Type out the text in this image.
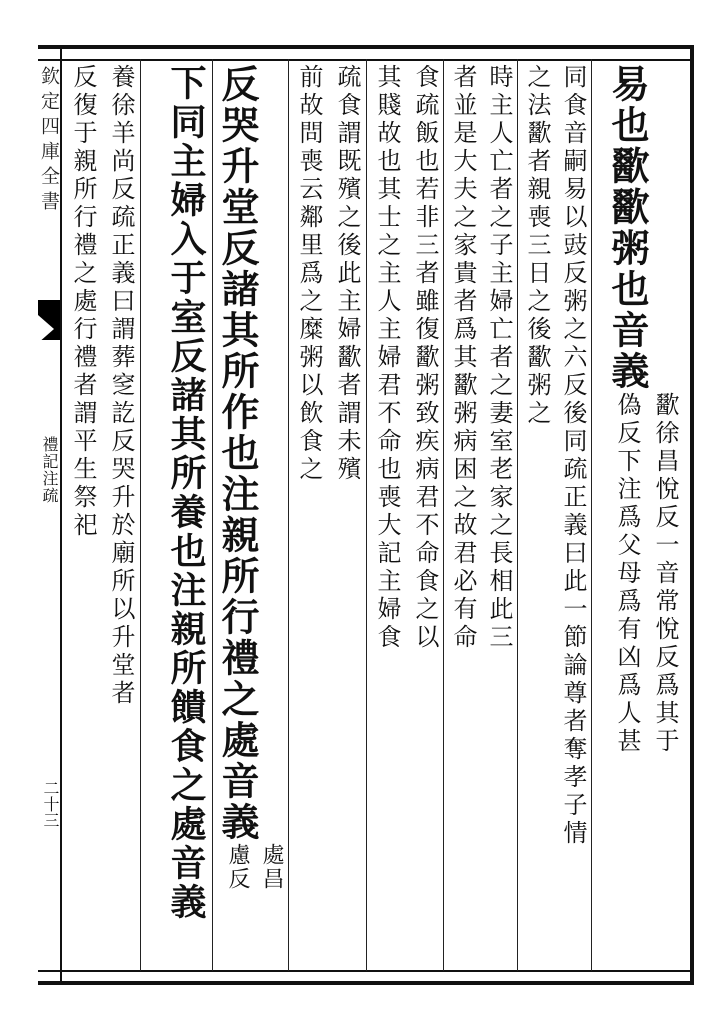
欽定四庫全書
禮記注疏
二十三
易也歠歠粥也音義歠徐昌悅反一音常悅反爲其于
偽反下注爲父母爲有凶爲人甚
同食音嗣易以豉反粥之六反後同疏正義曰此一節論尊者奪孝子情
之法歠者親喪三日之後歠粥之
時主人亡者之子主婦亡者之妻室老家之長相此三
者並是大夫之家貴者爲其歠粥病困之故君必有命
食疏飯也若非三者雖復歠粥致疾病君不命食之以
其賤故也其士之主人主婦君不命也喪大記主婦食
疏食謂既殯之後此主婦歠者謂未殯
前故問喪云鄰里爲之糜粥以飲食之
反哭升堂反諸其所作也注親所行禮之處音義處昌
慮反
下同主婦入于室反諸其所養也注親所饋食之處音義
養徐羊尚反疏正義曰謂葬窆訖反哭升於廟所以升堂者
反復于親所行禮之處行禮者謂平生祭祀
